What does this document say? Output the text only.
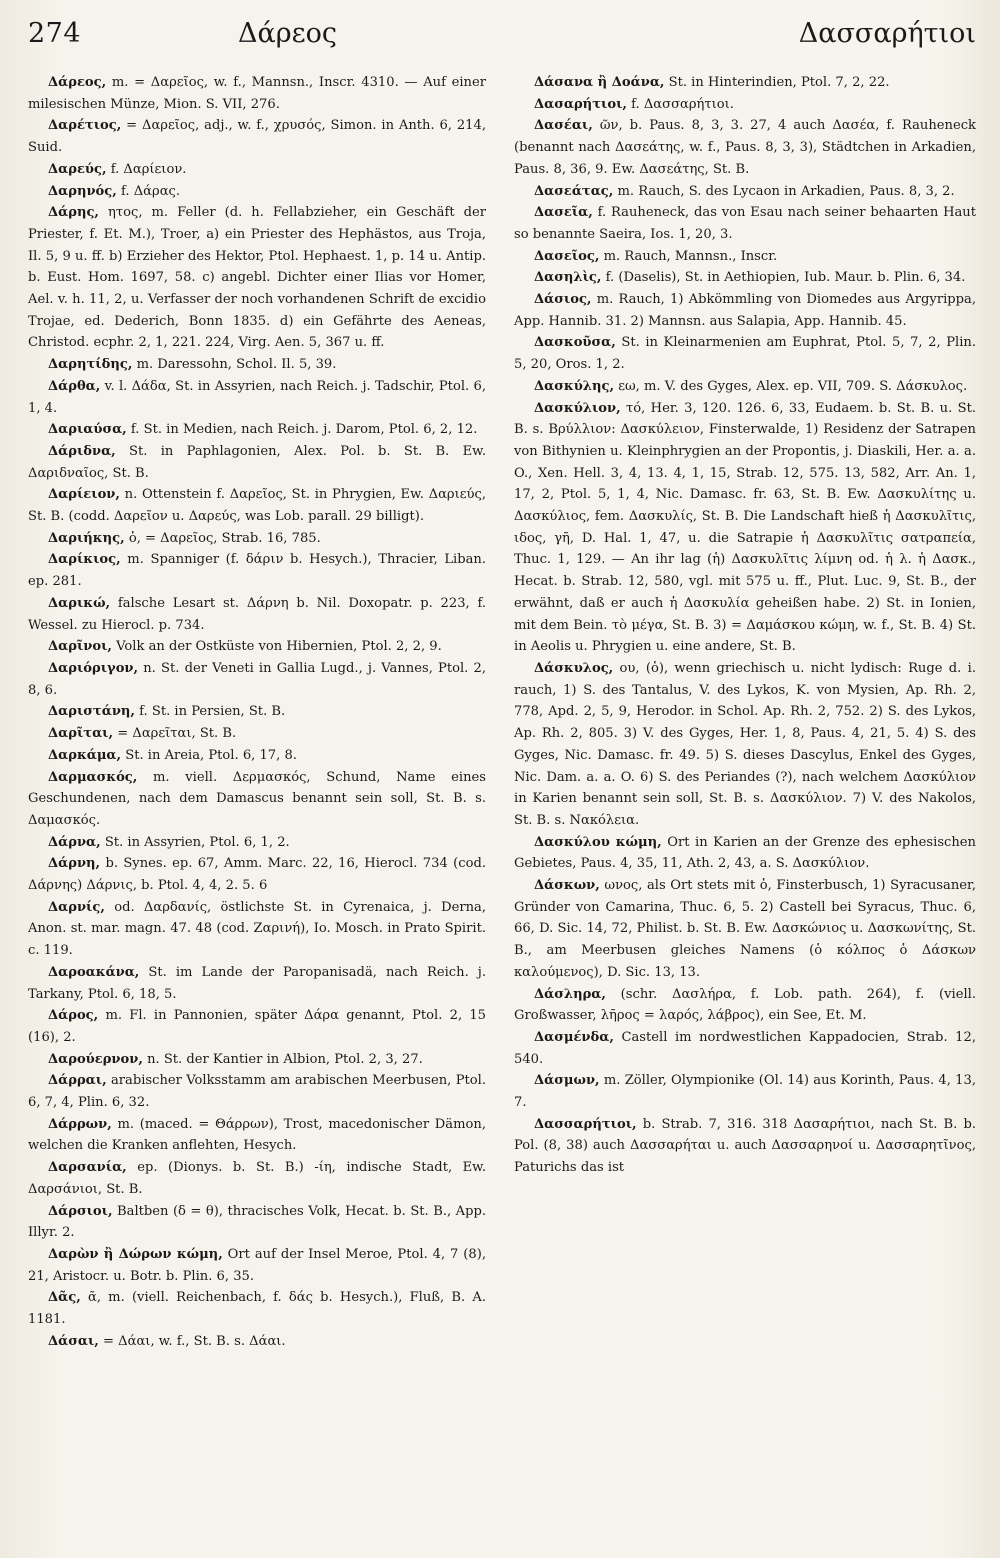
274	Δάρεος	Δασσαρήτιοι

Δάρεος, m. = Δαρεῖος, w. f., Mannsn., Inscr. 4310. — Auf einer milesischen Münze, Mion. S. VII, 276.

Δαρέτιος, = Δαρεῖος, adj., w. f., χρυσός, Simon. in Anth. 6, 214, Suid.

Δαρεύς, f. Δαρίειον.

Δαρηνός, f. Δάρας.

Δάρης, ητος, m. Feller (d. h. Fellabzieher, ein Geschäft der Priester, f. Et. M.), Troer, a) ein Priester des Hephästos, aus Troja, Il. 5, 9 u. ff. b) Erzieher des Hektor, Ptol. Hephaest. 1, p. 14 u. Antip. b. Eust. Hom. 1697, 58. c) angebl. Dichter einer Ilias vor Homer, Ael. v. h. 11, 2, u. Verfasser der noch vorhandenen Schrift de excidio Trojae, ed. Dederich, Bonn 1835. d) ein Gefährte des Aeneas, Christod. ecphr. 2, 1, 221. 224, Virg. Aen. 5, 367 u. ff.

Δαρητίδης, m. Daressohn, Schol. Il. 5, 39.

Δάρθα, v. l. Δάδα, St. in Assyrien, nach Reich. j. Tadschir, Ptol. 6, 1, 4.

Δαριαύσα, f. St. in Medien, nach Reich. j. Darom, Ptol. 6, 2, 12.

Δάριδνα, St. in Paphlagonien, Alex. Pol. b. St. B. Ew. Δαριδναῖος, St. B.

Δαρίειον, n. Ottenstein f. Δαρεῖος, St. in Phrygien, Ew. Δαριεύς, St. B. (codd. Δαρεῖον u. Δαρεύς, was Lob. parall. 29 billigt).

Δαριήκης, ὁ, = Δαρεῖος, Strab. 16, 785.

Δαρίκιος, m. Spanniger (f. δάριν b. Hesych.), Thracier, Liban. ep. 281.

Δαρικώ, falsche Lesart st. Δάρνη b. Nil. Doxopatr. p. 223, f. Wessel. zu Hierocl. p. 734.

Δαρῖνοι, Volk an der Ostküste von Hibernien, Ptol. 2, 2, 9.

Δαριόριγον, n. St. der Veneti in Gallia Lugd., j. Vannes, Ptol. 2, 8, 6.

Δαριστάνη, f. St. in Persien, St. B.

Δαρῖται, = Δαρεῖται, St. B.

Δαρκάμα, St. in Areia, Ptol. 6, 17, 8.

Δαρμασκός, m. viell. Δερμασκός, Schund, Name eines Geschundenen, nach dem Damascus benannt sein soll, St. B. s. Δαμασκός.

Δάρνα, St. in Assyrien, Ptol. 6, 1, 2.

Δάρνη, b. Synes. ep. 67, Amm. Marc. 22, 16, Hierocl. 734 (cod. Δάρνης) Δάρνις, b. Ptol. 4, 4, 2. 5. 6

Δαρνίς, od. Δαρδανίς, östlichste St. in Cyrenaica, j. Derna, Anon. st. mar. magn. 47. 48 (cod. Ζαρινή), Io. Mosch. in Prato Spirit. c. 119.

Δαροακάνα, St. im Lande der Paropanisadä, nach Reich. j. Tarkany, Ptol. 6, 18, 5.

Δάρος, m. Fl. in Pannonien, später Δάρα genannt, Ptol. 2, 15 (16), 2.

Δαρούερνον, n. St. der Kantier in Albion, Ptol. 2, 3, 27.

Δάρραι, arabischer Volksstamm am arabischen Meerbusen, Ptol. 6, 7, 4, Plin. 6, 32.

Δάρρων, m. (maced. = Θάρρων), Trost, macedonischer Dämon, welchen die Kranken anflehten, Hesych.

Δαρσανία, ep. (Dionys. b. St. B.) -ίη, indische Stadt, Ew. Δαρσάνιοι, St. B.

Δάρσιοι, Baltben (δ = θ), thracisches Volk, Hecat. b. St. B., App. Illyr. 2.

Δαρὼν ἢ Δώρων κώμη, Ort auf der Insel Meroe, Ptol. 4, 7 (8), 21, Aristocr. u. Botr. b. Plin. 6, 35.

Δᾶς, ᾶ, m. (viell. Reichenbach, f. δάς b. Hesych.), Fluß, B. A. 1181.

Δάσαι, = Δάαι, w. f., St. B. s. Δάαι.

Δάσανα ἢ Δοάνα, St. in Hinterindien, Ptol. 7, 2, 22.

Δασαρήτιοι, f. Δασσαρήτιοι.

Δασέαι, ῶν, b. Paus. 8, 3, 3. 27, 4 auch Δασέα, f. Rauheneck (benannt nach Δασεάτης, w. f., Paus. 8, 3, 3), Städtchen in Arkadien, Paus. 8, 36, 9. Ew. Δασεάτης, St. B.

Δασεάτας, m. Rauch, S. des Lycaon in Arkadien, Paus. 8, 3, 2.

Δασεῖα, f. Rauheneck, das von Esau nach seiner behaarten Haut so benannte Saeira, Ios. 1, 20, 3.

Δασεῖος, m. Rauch, Mannsn., Inscr.

Δασηλὶς, f. (Daselis), St. in Aethiopien, Iub. Maur. b. Plin. 6, 34.

Δάσιος, m. Rauch, 1) Abkömmling von Diomedes aus Argyrippa, App. Hannib. 31. 2) Mannsn. aus Salapia, App. Hannib. 45.

Δασκοῦσα, St. in Kleinarmenien am Euphrat, Ptol. 5, 7, 2, Plin. 5, 20, Oros. 1, 2.

Δασκύλης, εω, m. V. des Gyges, Alex. ep. VII, 709. S. Δάσκυλος.

Δασκύλιον, τό, Her. 3, 120. 126. 6, 33, Eudaem. b. St. B. u. St. B. s. Βρύλλιον: Δασκύλειον, Finsterwalde, 1) Residenz der Satrapen von Bithynien u. Kleinphrygien an der Propontis, j. Diaskili, Her. a. a. O., Xen. Hell. 3, 4, 13. 4, 1, 15, Strab. 12, 575. 13, 582, Arr. An. 1, 17, 2, Ptol. 5, 1, 4, Nic. Damasc. fr. 63, St. B. Ew. Δασκυλίτης u. Δασκύλιος, fem. Δασκυλίς, St. B. Die Landschaft hieß ἡ Δασκυλῖτις, ιδος, γῆ, D. Hal. 1, 47, u. die Satrapie ἡ Δασκυλῖτις σατραπεία, Thuc. 1, 129. — An ihr lag (ἡ) Δασκυλῖτις λίμνη od. ἡ λ. ἡ Δασκ., Hecat. b. Strab. 12, 580, vgl. mit 575 u. ff., Plut. Luc. 9, St. B., der erwähnt, daß er auch ἡ Δασκυλία geheißen habe. 2) St. in Ionien, mit dem Bein. τὸ μέγα, St. B. 3) = Δαμάσκου κώμη, w. f., St. B. 4) St. in Aeolis u. Phrygien u. eine andere, St. B.

Δάσκυλος, ου, (ὁ), wenn griechisch u. nicht lydisch: Ruge d. i. rauch, 1) S. des Tantalus, V. des Lykos, K. von Mysien, Ap. Rh. 2, 778, Apd. 2, 5, 9, Herodor. in Schol. Ap. Rh. 2, 752. 2) S. des Lykos, Ap. Rh. 2, 805. 3) V. des Gyges, Her. 1, 8, Paus. 4, 21, 5. 4) S. des Gyges, Nic. Damasc. fr. 49. 5) S. dieses Dascylus, Enkel des Gyges, Nic. Dam. a. a. O. 6) S. des Periandes (?), nach welchem Δασκύλιον in Karien benannt sein soll, St. B. s. Δασκύλιον. 7) V. des Nakolos, St. B. s. Νακόλεια.

Δασκύλου κώμη, Ort in Karien an der Grenze des ephesischen Gebietes, Paus. 4, 35, 11, Ath. 2, 43, a. S. Δασκύλιον.

Δάσκων, ωνος, als Ort stets mit ὁ, Finsterbusch, 1) Syracusaner, Gründer von Camarina, Thuc. 6, 5. 2) Castell bei Syracus, Thuc. 6, 66, D. Sic. 14, 72, Philist. b. St. B. Ew. Δασκώνιος u. Δασκωνίτης, St. B., am Meerbusen gleiches Namens (ὁ κόλπος ὁ Δάσκων καλούμενος), D. Sic. 13, 13.

Δάσληρα, (schr. Δασλήρα, f. Lob. path. 264), f. (viell. Großwasser, λῆρος = λαρός, λάβρος), ein See, Et. M.

Δασμένδα, Castell im nordwestlichen Kappadocien, Strab. 12, 540.

Δάσμων, m. Zöller, Olympionike (Ol. 14) aus Korinth, Paus. 4, 13, 7.

Δασσαρήτιοι, b. Strab. 7, 316. 318 Δασαρήτιοι, nach St. B. b. Pol. (8, 38) auch Δασσαρήται u. auch Δασσαρηνοί u. Δασσαρητῖνος, Paturichs das ist
